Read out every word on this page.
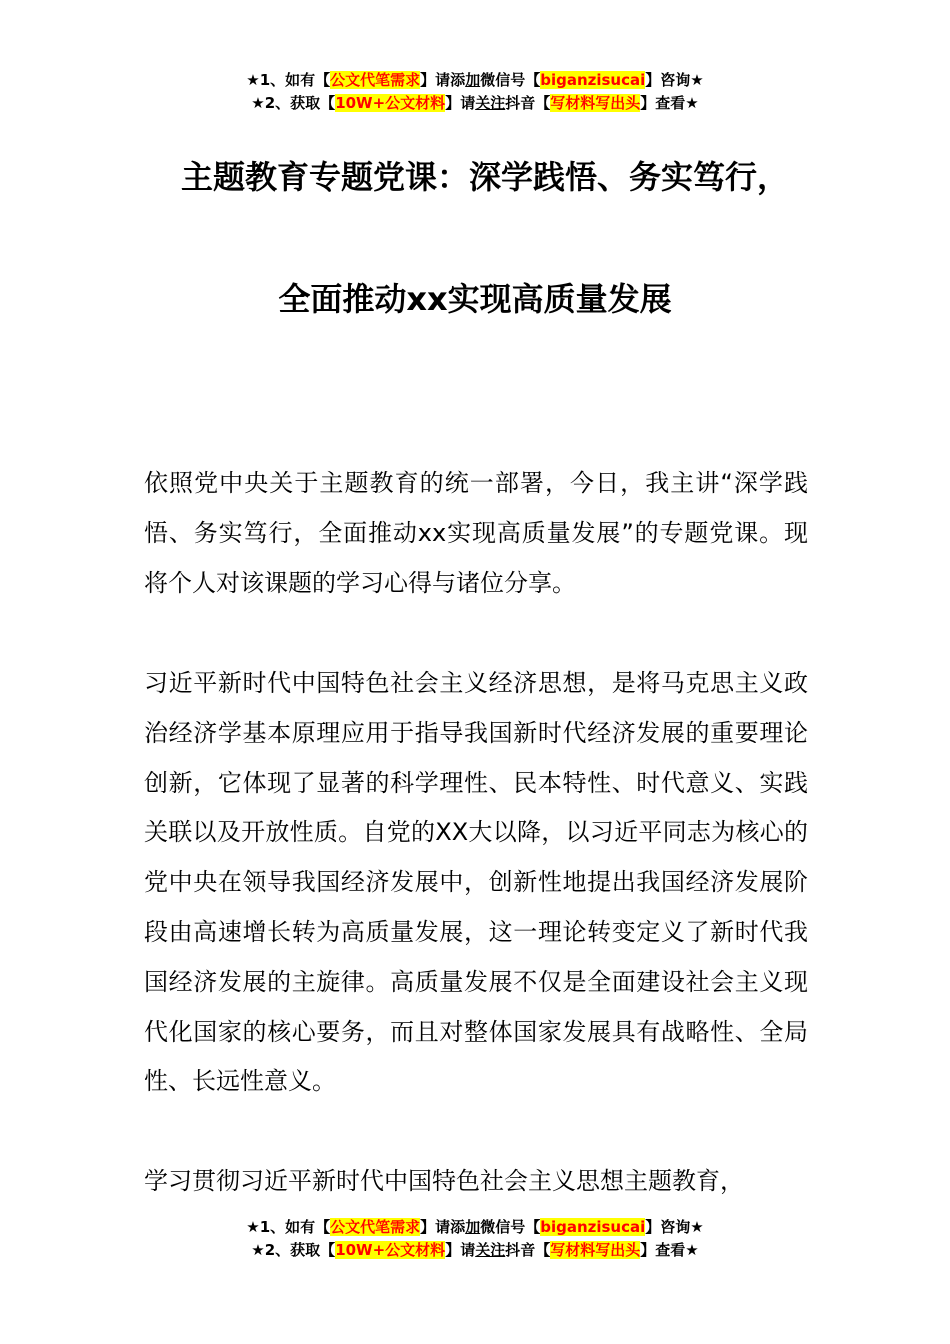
★1、如有【公文代笔需求】请添加微信号【biganzisucai】咨询★
★2、获取【10W+公文材料】请关注抖音【写材料写出头】查看★
主题教育专题党课：深学践悟、务实笃行，
全面推动xx实现高质量发展

依照党中央关于主题教育的统一部署，今日，我主讲“深学践悟、务实笃行，全面推动xx实现高质量发展”的专题党课。现将个人对该课题的学习心得与诸位分享。

习近平新时代中国特色社会主义经济思想，是将马克思主义政治经济学基本原理应用于指导我国新时代经济发展的重要理论创新，它体现了显著的科学理性、民本特性、时代意义、实践关联以及开放性质。自党的XX大以降，以习近平同志为核心的党中央在领导我国经济发展中，创新性地提出我国经济发展阶段由高速增长转为高质量发展，这一理论转变定义了新时代我国经济发展的主旋律。高质量发展不仅是全面建设社会主义现代化国家的核心要务，而且对整体国家发展具有战略性、全局性、长远性意义。

学习贯彻习近平新时代中国特色社会主义思想主题教育，

★1、如有【公文代笔需求】请添加微信号【biganzisucai】咨询★
★2、获取【10W+公文材料】请关注抖音【写材料写出头】查看★
